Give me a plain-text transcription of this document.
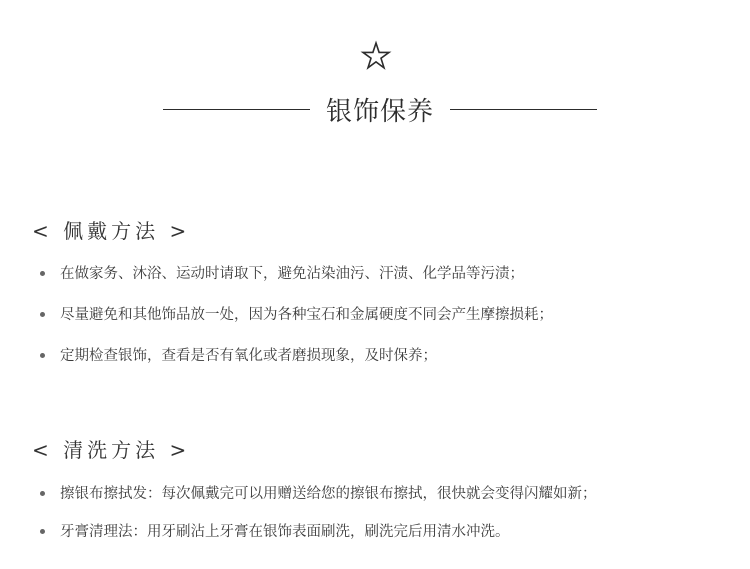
银饰保养
< 佩戴方法 >
在做家务、沐浴、运动时请取下，避免沾染油污、汗渍、化学品等污渍；
尽量避免和其他饰品放一处，因为各种宝石和金属硬度不同会产生摩擦损耗；
定期检查银饰，查看是否有氧化或者磨损现象，及时保养；
< 清洗方法 >
擦银布擦拭发：每次佩戴完可以用赠送给您的擦银布擦拭，很快就会变得闪耀如新；
牙膏清理法：用牙刷沾上牙膏在银饰表面刷洗，刷洗完后用清水冲洗。
